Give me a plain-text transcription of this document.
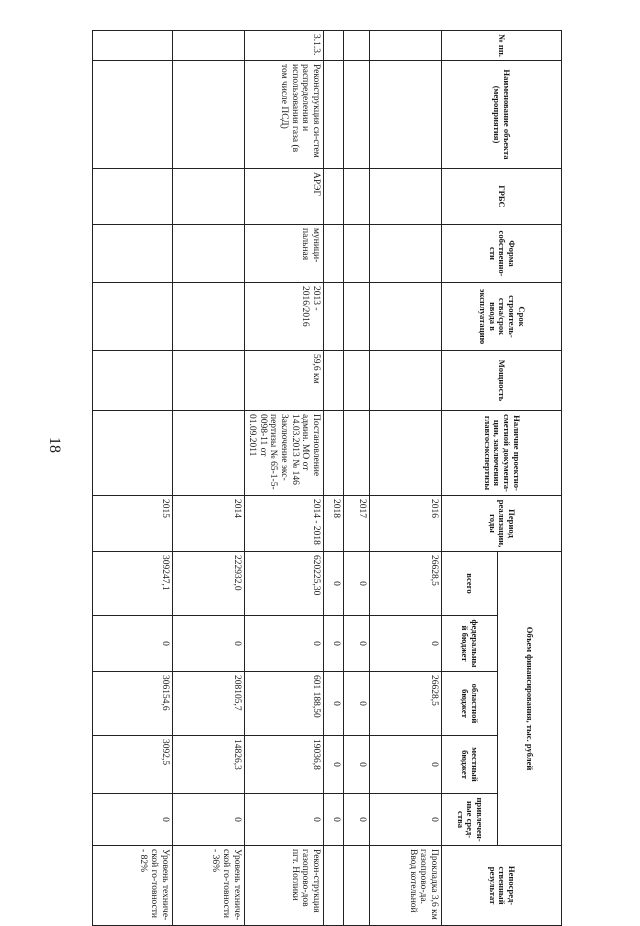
18
№ пп.	Наименование объекта (мероприятия)	ГРБС	Форма собственно-сти	Срок строитель-ства/срок ввода в эксплуатацию	Мощность	Наличие проектно-сметной документа-ции, заключения главгосэкспертизы	Период реализации, годы	Объем финансирования, тыс. рублей					Непосред-ственный результат
								всего	федеральный бюджет	областной бюджет	местный бюджет	привлечен-ные сред-ства	
							2016	26628,5	0	26628,5	0	0	Прокладка 3,6 км газопрово-да. Ввод котельной
							2017	0	0	0	0	0	
							2018	0	0	0	0	0	
3.1.3.	Реконструкция си-стем распределения и использования газа (в том числе ПСД)	АРЭГ	муници-пальная	2013 - 2016/2016	59,6 км	Постановление админ. МО от 14.03.2013 № 146 Заключение экс-пертизы № 65-1-5-0098-11 от 01.09.2011	2014 - 2018	620225,30	0	601 188,50	19036,8	0	Рекон-струкция газопрово-дов пгт. Ноглики
							2014	222932,0	0	208105,7	14826,3	0	Уровень техниче-ской го-товности - 36%
							2015	309247,1	0	306154,6	3092,5	0	Уровень техниче-ской го-товности - 82%
